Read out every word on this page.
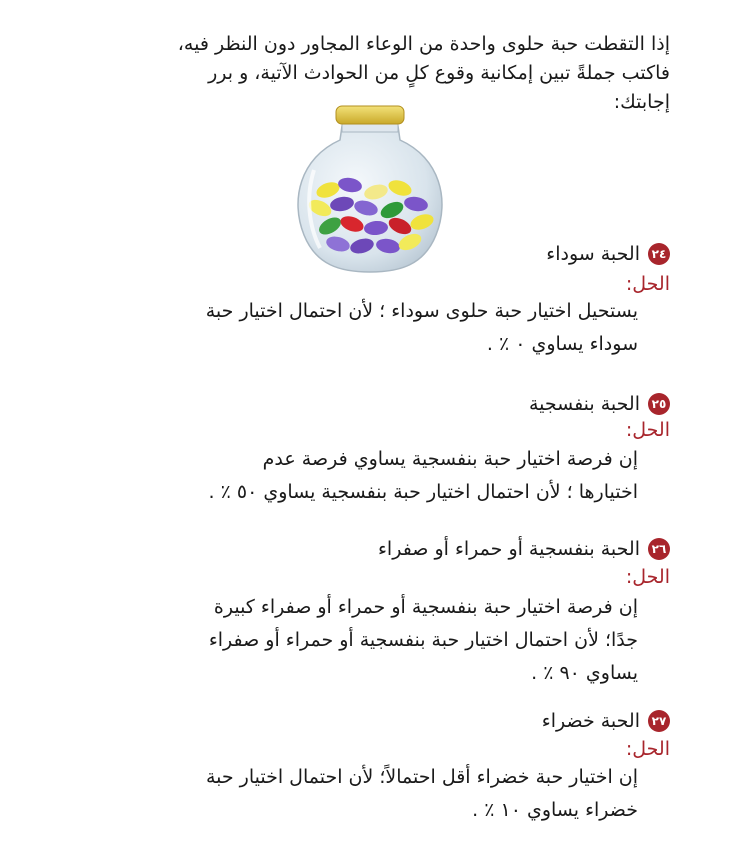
إذا التقطت حبة حلوى واحدة من الوعاء المجاور دون النظر فيه،

فاكتب جملةً تبين إمكانية وقوع كلٍ من الحوادث الآتية، و برر

إجابتك:

٢٤
الحبة سوداء
الحل:

يستحيل اختيار حبة حلوى سوداء ؛ لأن احتمال اختيار حبة

سوداء يساوي ٠ ٪ .

٢٥
الحبة بنفسجية
الحل:

إن فرصة اختيار حبة بنفسجية يساوي فرصة عدم

اختيارها ؛ لأن احتمال اختيار حبة بنفسجية يساوي ٥٠ ٪ .

٢٦
الحبة بنفسجية أو حمراء أو صفراء
الحل:

إن فرصة اختيار حبة بنفسجية أو حمراء أو صفراء كبيرة

جدًا؛ لأن احتمال اختيار حبة بنفسجية أو حمراء أو صفراء

يساوي ٩٠ ٪ .

٢٧
الحبة خضراء
الحل:

إن اختيار حبة خضراء أقل احتمالاً؛ لأن احتمال اختيار حبة

خضراء يساوي ١٠ ٪ .
